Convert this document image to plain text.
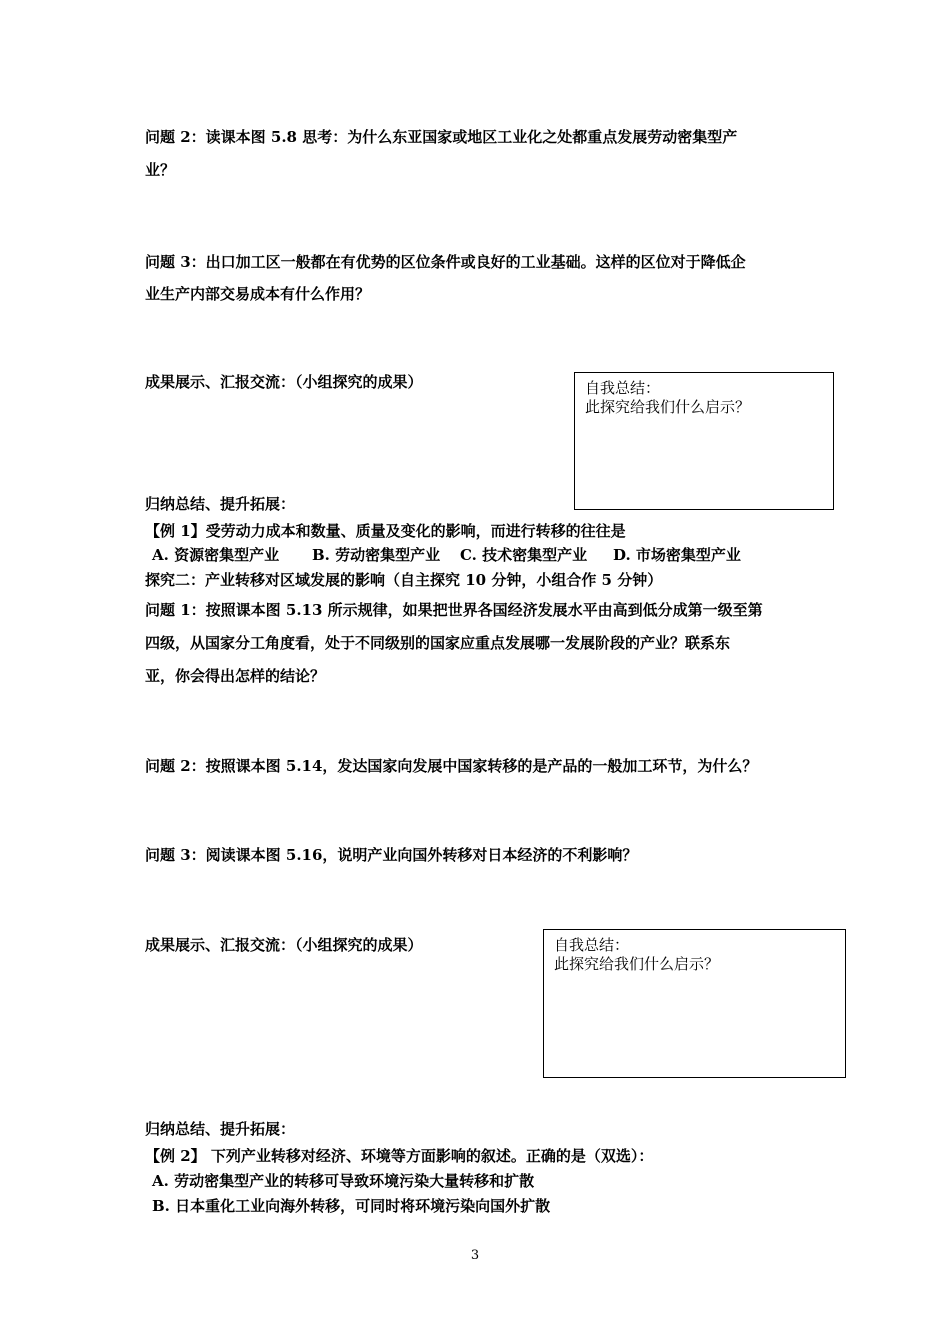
问题 2：读课本图 5.8 思考：为什么东亚国家或地区工业化之处都重点发展劳动密集型产
业？
问题 3：出口加工区一般都在有优势的区位条件或良好的工业基础。这样的区位对于降低企
业生产内部交易成本有什么作用？
成果展示、汇报交流：（小组探究的成果）	自我总结：
此探究给我们什么启示？
归纳总结、提升拓展：
【例 1】受劳动力成本和数量、质量及变化的影响，而进行转移的往往是
A. 资源密集型产业 B. 劳动密集型产业 C. 技术密集型产业 D. 市场密集型产业
探究二：产业转移对区域发展的影响（自主探究 10 分钟，小组合作 5 分钟）
问题 1：按照课本图 5.13 所示规律，如果把世界各国经济发展水平由高到低分成第一级至第
四级，从国家分工角度看，处于不同级别的国家应重点发展哪一发展阶段的产业？联系东
亚，你会得出怎样的结论？
问题 2：按照课本图 5.14，发达国家向发展中国家转移的是产品的一般加工环节，为什么？
问题 3：阅读课本图 5.16，说明产业向国外转移对日本经济的不利影响？
成果展示、汇报交流：（小组探究的成果）	自我总结：
此探究给我们什么启示？
归纳总结、提升拓展：
【例 2】 下列产业转移对经济、环境等方面影响的叙述。正确的是（双选）：
A. 劳动密集型产业的转移可导致环境污染大量转移和扩散
B. 日本重化工业向海外转移，可同时将环境污染向国外扩散
3
